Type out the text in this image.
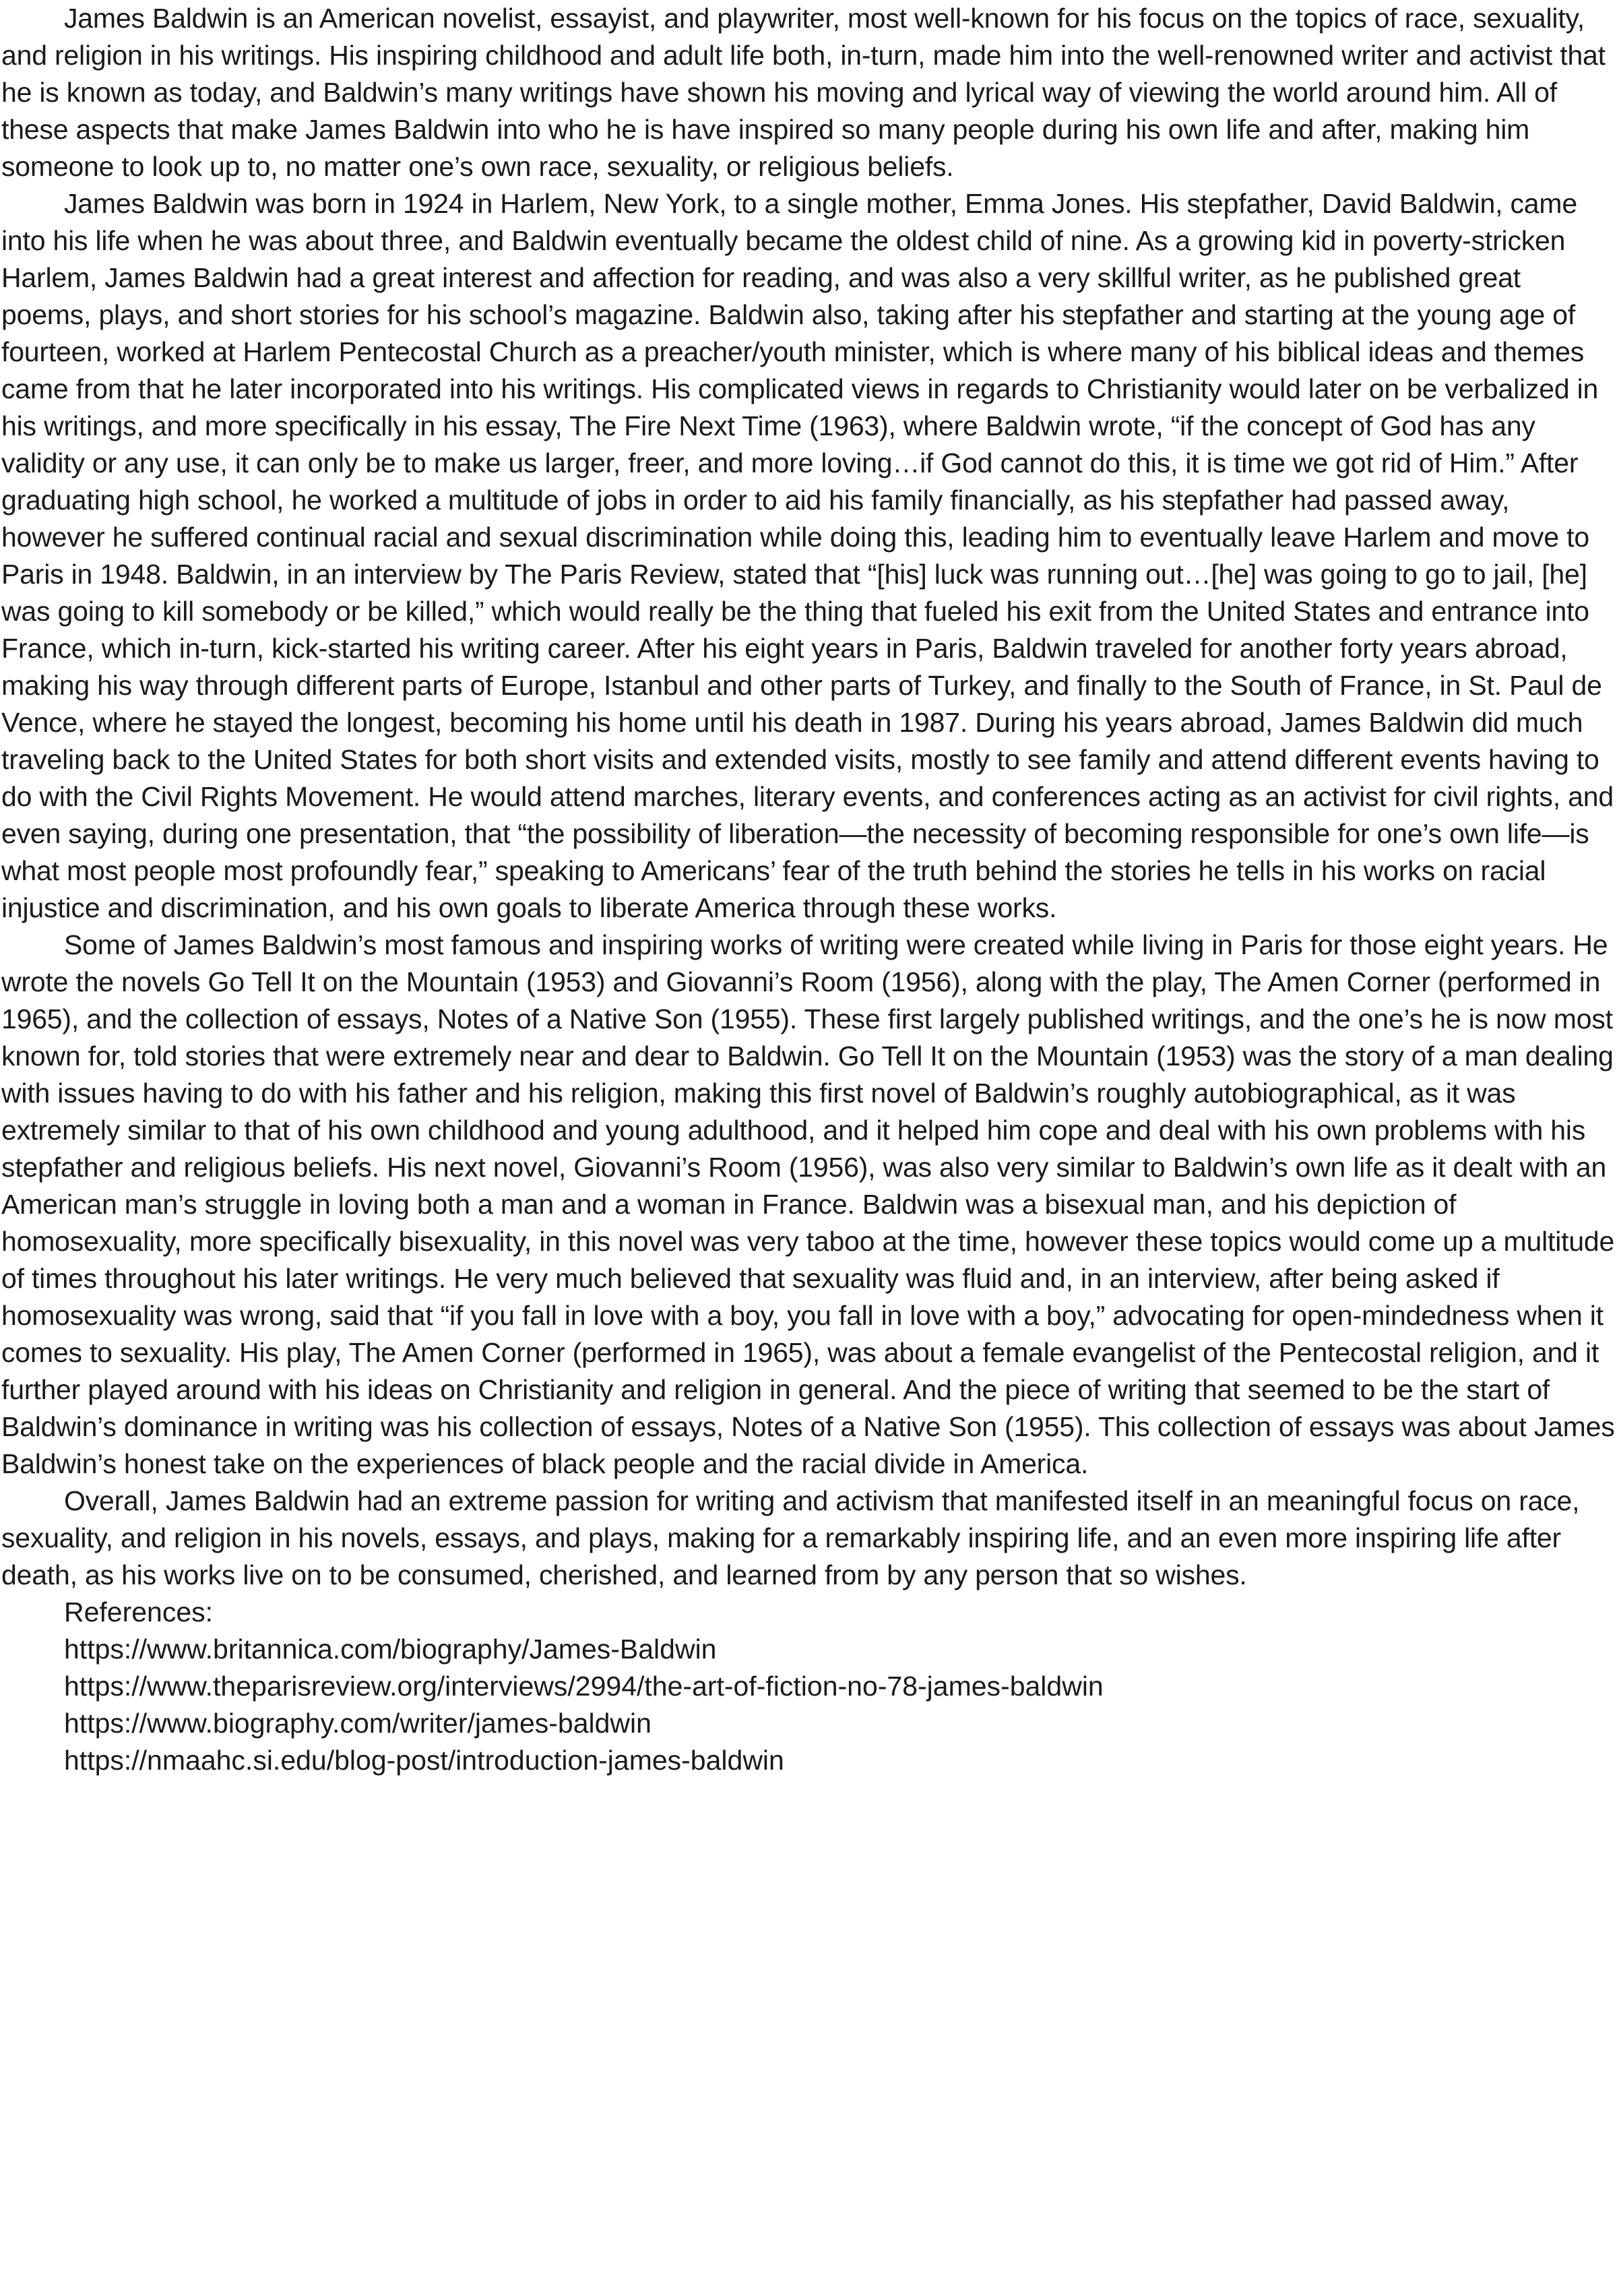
James Baldwin is an American novelist, essayist, and playwriter, most well-known for his focus on the topics of race, sexuality, and religion in his writings. His inspiring childhood and adult life both, in-turn, made him into the well-renowned writer and activist that he is known as today, and Baldwin’s many writings have shown his moving and lyrical way of viewing the world around him. All of these aspects that make James Baldwin into who he is have inspired so many people during his own life and after, making him someone to look up to, no matter one’s own race, sexuality, or religious beliefs.

James Baldwin was born in 1924 in Harlem, New York, to a single mother, Emma Jones. His stepfather, David Baldwin, came into his life when he was about three, and Baldwin eventually became the oldest child of nine. As a growing kid in poverty-stricken Harlem, James Baldwin had a great interest and affection for reading, and was also a very skillful writer, as he published great poems, plays, and short stories for his school’s magazine. Baldwin also, taking after his stepfather and starting at the young age of fourteen, worked at Harlem Pentecostal Church as a preacher/youth minister, which is where many of his biblical ideas and themes came from that he later incorporated into his writings. His complicated views in regards to Christianity would later on be verbalized in his writings, and more specifically in his essay, The Fire Next Time (1963), where Baldwin wrote, “if the concept of God has any validity or any use, it can only be to make us larger, freer, and more loving…if God cannot do this, it is time we got rid of Him.” After graduating high school, he worked a multitude of jobs in order to aid his family financially, as his stepfather had passed away, however he suffered continual racial and sexual discrimination while doing this, leading him to eventually leave Harlem and move to Paris in 1948. Baldwin, in an interview by The Paris Review, stated that “[his] luck was running out…[he] was going to go to jail, [he] was going to kill somebody or be killed,” which would really be the thing that fueled his exit from the United States and entrance into France, which in-turn, kick-started his writing career. After his eight years in Paris, Baldwin traveled for another forty years abroad, making his way through different parts of Europe, Istanbul and other parts of Turkey, and finally to the South of France, in St. Paul de Vence, where he stayed the longest, becoming his home until his death in 1987. During his years abroad, James Baldwin did much traveling back to the United States for both short visits and extended visits, mostly to see family and attend different events having to do with the Civil Rights Movement. He would attend marches, literary events, and conferences acting as an activist for civil rights, and even saying, during one presentation, that “the possibility of liberation—the necessity of becoming responsible for one’s own life—is what most people most profoundly fear,” speaking to Americans’ fear of the truth behind the stories he tells in his works on racial injustice and discrimination, and his own goals to liberate America through these works.

Some of James Baldwin’s most famous and inspiring works of writing were created while living in Paris for those eight years. He wrote the novels Go Tell It on the Mountain (1953) and Giovanni’s Room (1956), along with the play, The Amen Corner (performed in 1965), and the collection of essays, Notes of a Native Son (1955). These first largely published writings, and the one’s he is now most known for, told stories that were extremely near and dear to Baldwin. Go Tell It on the Mountain (1953) was the story of a man dealing with issues having to do with his father and his religion, making this first novel of Baldwin’s roughly autobiographical, as it was extremely similar to that of his own childhood and young adulthood, and it helped him cope and deal with his own problems with his stepfather and religious beliefs. His next novel, Giovanni’s Room (1956), was also very similar to Baldwin’s own life as it dealt with an American man’s struggle in loving both a man and a woman in France. Baldwin was a bisexual man, and his depiction of homosexuality, more specifically bisexuality, in this novel was very taboo at the time, however these topics would come up a multitude of times throughout his later writings. He very much believed that sexuality was fluid and, in an interview, after being asked if homosexuality was wrong, said that “if you fall in love with a boy, you fall in love with a boy,” advocating for open-mindedness when it comes to sexuality. His play, The Amen Corner (performed in 1965), was about a female evangelist of the Pentecostal religion, and it further played around with his ideas on Christianity and religion in general. And the piece of writing that seemed to be the start of Baldwin’s dominance in writing was his collection of essays, Notes of a Native Son (1955). This collection of essays was about James Baldwin’s honest take on the experiences of black people and the racial divide in America.

Overall, James Baldwin had an extreme passion for writing and activism that manifested itself in an meaningful focus on race, sexuality, and religion in his novels, essays, and plays, making for a remarkably inspiring life, and an even more inspiring life after death, as his works live on to be consumed, cherished, and learned from by any person that so wishes.

References:
https://www.britannica.com/biography/James-Baldwin
https://www.theparisreview.org/interviews/2994/the-art-of-fiction-no-78-james-baldwin
https://www.biography.com/writer/james-baldwin
https://nmaahc.si.edu/blog-post/introduction-james-baldwin
